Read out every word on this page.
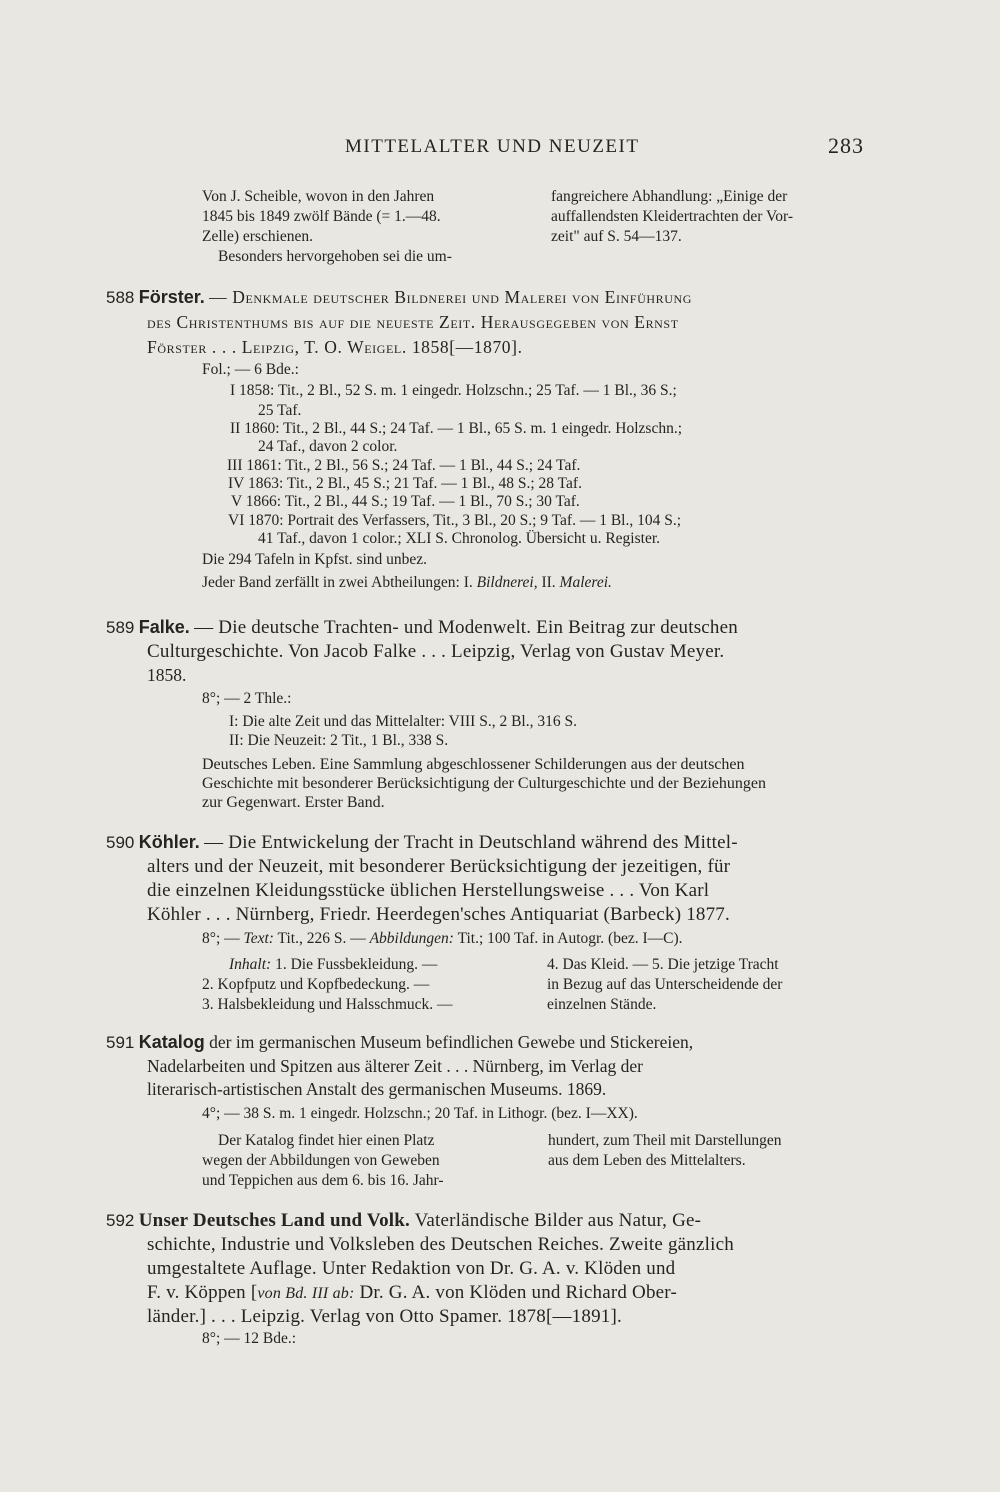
MITTELALTER UND NEUZEIT	283
Von J. Scheible, wovon in den Jahren
1845 bis 1849 zwölf Bände (= 1.—48.
Zelle) erschienen.
Besonders hervorgehoben sei die um-
fangreichere Abhandlung: „Einige der
auffallendsten Kleidertrachten der Vor-
zeit" auf S. 54—137.
588 Förster. — Denkmale deutscher Bildnerei und Malerei von Einführung
des Christenthums bis auf die neueste Zeit. Herausgegeben von Ernst
Förster . . . Leipzig, T. O. Weigel. 1858[—1870].
Fol.; — 6 Bde.:
I 1858: Tit., 2 Bl., 52 S. m. 1 eingedr. Holzschn.; 25 Taf. — 1 Bl., 36 S.;
25 Taf.
II 1860: Tit., 2 Bl., 44 S.; 24 Taf. — 1 Bl., 65 S. m. 1 eingedr. Holzschn.;
24 Taf., davon 2 color.
III 1861: Tit., 2 Bl., 56 S.; 24 Taf. — 1 Bl., 44 S.; 24 Taf.
IV 1863: Tit., 2 Bl., 45 S.; 21 Taf. — 1 Bl., 48 S.; 28 Taf.
V 1866: Tit., 2 Bl., 44 S.; 19 Taf. — 1 Bl., 70 S.; 30 Taf.
VI 1870: Portrait des Verfassers, Tit., 3 Bl., 20 S.; 9 Taf. — 1 Bl., 104 S.;
41 Taf., davon 1 color.; XLI S. Chronolog. Übersicht u. Register.
Die 294 Tafeln in Kpfst. sind unbez.
Jeder Band zerfällt in zwei Abtheilungen: I. Bildnerei, II. Malerei.
589 Falke. — Die deutsche Trachten- und Modenwelt. Ein Beitrag zur deutschen
Culturgeschichte. Von Jacob Falke . . . Leipzig, Verlag von Gustav Meyer.
1858.
8°; — 2 Thle.:
I: Die alte Zeit und das Mittelalter: VIII S., 2 Bl., 316 S.
II: Die Neuzeit: 2 Tit., 1 Bl., 338 S.
Deutsches Leben. Eine Sammlung abgeschlossener Schilderungen aus der deutschen
Geschichte mit besonderer Berücksichtigung der Culturgeschichte und der Beziehungen
zur Gegenwart. Erster Band.
590 Köhler. — Die Entwickelung der Tracht in Deutschland während des Mittel-
alters und der Neuzeit, mit besonderer Berücksichtigung der jezeitigen, für
die einzelnen Kleidungsstücke üblichen Herstellungsweise . . . Von Karl
Köhler . . . Nürnberg, Friedr. Heerdegen'sches Antiquariat (Barbeck) 1877.
8°; — Text: Tit., 226 S. — Abbildungen: Tit.; 100 Taf. in Autogr. (bez. I—C).
Inhalt: 1. Die Fussbekleidung. —
2. Kopfputz und Kopfbedeckung. —
3. Halsbekleidung und Halsschmuck. —
4. Das Kleid. — 5. Die jetzige Tracht
in Bezug auf das Unterscheidende der
einzelnen Stände.
591 Katalog der im germanischen Museum befindlichen Gewebe und Stickereien,
Nadelarbeiten und Spitzen aus älterer Zeit . . . Nürnberg, im Verlag der
literarisch-artistischen Anstalt des germanischen Museums. 1869.
4°; — 38 S. m. 1 eingedr. Holzschn.; 20 Taf. in Lithogr. (bez. I—XX).
Der Katalog findet hier einen Platz
wegen der Abbildungen von Geweben
und Teppichen aus dem 6. bis 16. Jahr-
hundert, zum Theil mit Darstellungen
aus dem Leben des Mittelalters.
592 Unser Deutsches Land und Volk. Vaterländische Bilder aus Natur, Ge-
schichte, Industrie und Volksleben des Deutschen Reiches. Zweite gänzlich
umgestaltete Auflage. Unter Redaktion von Dr. G. A. v. Klöden und
F. v. Köppen [von Bd. III ab: Dr. G. A. von Klöden und Richard Ober-
länder.] . . . Leipzig. Verlag von Otto Spamer. 1878[—1891].
8°; — 12 Bde.:
